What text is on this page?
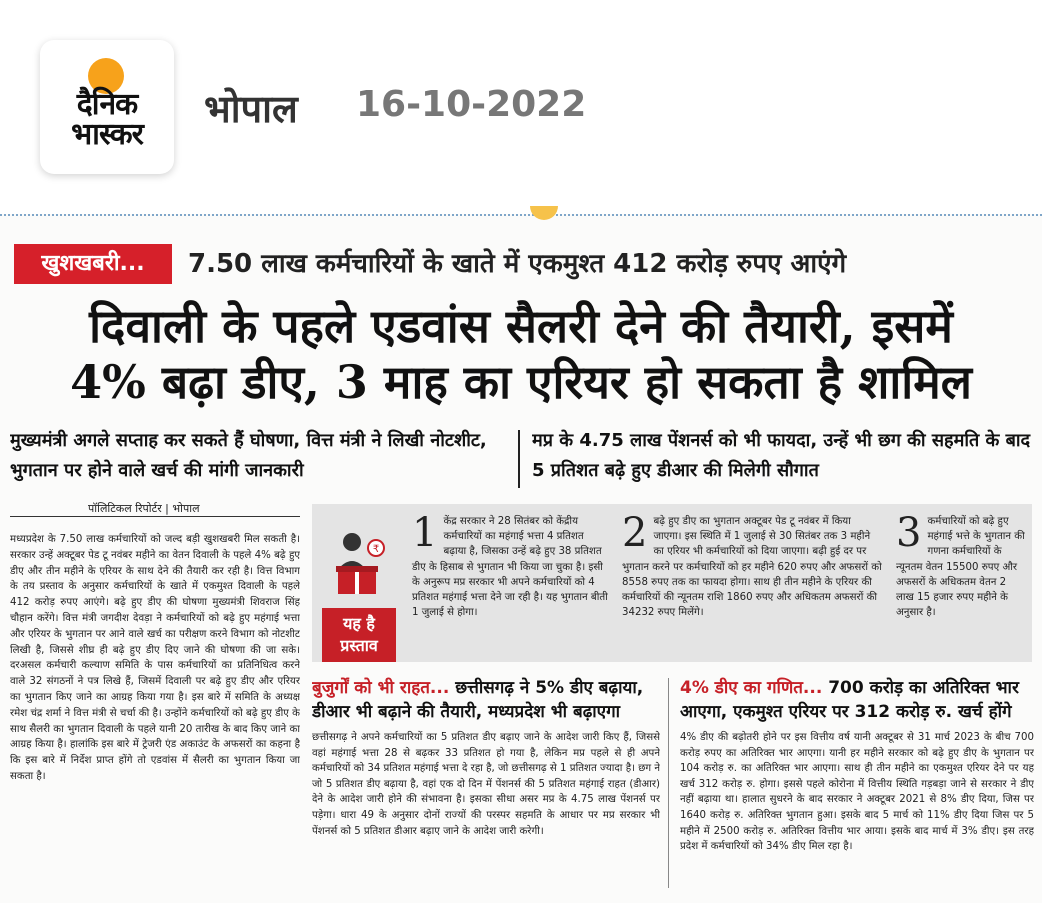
दैनिक
भास्कर
भोपाल 16-10-2022
खुशखबरी...	7.50 लाख कर्मचारियों के खाते में एकमुश्त 412 करोड़ रुपए आएंगे
दिवाली के पहले एडवांस सैलरी देने की तैयारी, इसमें
4% बढ़ा डीए, 3 माह का एरियर हो सकता है शामिल
मुख्यमंत्री अगले सप्ताह कर सकते हैं घोषणा, वित्त मंत्री ने लिखी नोटशीट, भुगतान पर होने वाले खर्च की मांगी जानकारी
मप्र के 4.75 लाख पेंशनर्स को भी फायदा, उन्हें भी छग की सहमति के बाद 5 प्रतिशत बढ़े हुए डीआर की मिलेगी सौगात
पॉलिटिकल रिपोर्टर | भोपाल
मध्यप्रदेश के 7.50 लाख कर्मचारियों को जल्द बड़ी खुशखबरी मिल सकती है। सरकार उन्हें अक्टूबर पेड टू नवंबर महीने का वेतन दिवाली के पहले 4% बढ़े हुए डीए और तीन महीने के एरियर के साथ देने की तैयारी कर रही है। वित्त विभाग के तय प्रस्ताव के अनुसार कर्मचारियों के खाते में एकमुश्त दिवाली के पहले 412 करोड़ रुपए आएंगे। बढ़े हुए डीए की घोषणा मुख्यमंत्री शिवराज सिंह चौहान करेंगे। वित्त मंत्री जगदीश देवड़ा ने कर्मचारियों को बढ़े हुए महंगाई भत्ता और एरियर के भुगतान पर आने वाले खर्च का परीक्षण करने विभाग को नोटशीट लिखी है, जिससे शीघ्र ही बढ़े हुए डीए दिए जाने की घोषणा की जा सके। दरअसल कर्मचारी कल्याण समिति के पास कर्मचारियों का प्रतिनिधित्व करने वाले 32 संगठनों ने पत्र लिखे हैं, जिसमें दिवाली पर बढ़े हुए डीए और एरियर का भुगतान किए जाने का आग्रह किया गया है। इस बारे में समिति के अध्यक्ष रमेश चंद्र शर्मा ने वित्त मंत्री से चर्चा की है। उन्होंने कर्मचारियों को बढ़े हुए डीए के साथ सैलरी का भुगतान दिवाली के पहले यानी 20 तारीख के बाद किए जाने का आग्रह किया है। हालांकि इस बारे में ट्रेजरी एंड अकाउंट के अफसरों का कहना है कि इस बारे में निर्देश प्राप्त होंगे तो एडवांस में सैलरी का भुगतान किया जा सकता है।
₹
यह है प्रस्ताव
1 केंद्र सरकार ने 28 सितंबर को केंद्रीय कर्मचारियों का महंगाई भत्ता 4 प्रतिशत बढ़ाया है, जिसका उन्हें बढ़े हुए 38 प्रतिशत डीए के हिसाब से भुगतान भी किया जा चुका है। इसी के अनुरूप मप्र सरकार भी अपने कर्मचारियों को 4 प्रतिशत महंगाई भत्ता देने जा रही है। यह भुगतान बीती 1 जुलाई से होगा।
2 बढ़े हुए डीए का भुगतान अक्टूबर पेड टू नवंबर में किया जाएगा। इस स्थिति में 1 जुलाई से 30 सितंबर तक 3 महीने का एरियर भी कर्मचारियों को दिया जाएगा। बढ़ी हुई दर पर भुगतान करने पर कर्मचारियों को हर महीने 620 रुपए और अफसरों को 8558 रुपए तक का फायदा होगा। साथ ही तीन महीने के एरियर की कर्मचारियों की न्यूनतम राशि 1860 रुपए और अधिकतम अफसरों की 34232 रुपए मिलेंगे।
3 कर्मचारियों को बढ़े हुए महंगाई भत्ते के भुगतान की गणना कर्मचारियों के न्यूनतम वेतन 15500 रुपए और अफसरों के अधिकतम वेतन 2 लाख 15 हजार रुपए महीने के अनुसार है।
बुजुर्गों को भी राहत... छत्तीसगढ़ ने 5% डीए बढ़ाया, डीआर भी बढ़ाने की तैयारी, मध्यप्रदेश भी बढ़ाएगा

छत्तीसगढ़ ने अपने कर्मचारियों का 5 प्रतिशत डीए बढ़ाए जाने के आदेश जारी किए हैं, जिससे वहां महंगाई भत्ता 28 से बढ़कर 33 प्रतिशत हो गया है, लेकिन मप्र पहले से ही अपने कर्मचारियों को 34 प्रतिशत महंगाई भत्ता दे रहा है, जो छत्तीसगढ़ से 1 प्रतिशत ज्यादा है। छग ने जो 5 प्रतिशत डीए बढ़ाया है, वहां एक दो दिन में पेंशनर्स की 5 प्रतिशत महंगाई राहत (डीआर) देने के आदेश जारी होने की संभावना है। इसका सीधा असर मप्र के 4.75 लाख पेंशनर्स पर पड़ेगा। धारा 49 के अनुसार दोनों राज्यों की परस्पर सहमति के आधार पर मप्र सरकार भी पेंशनर्स को 5 प्रतिशत डीआर बढ़ाए जाने के आदेश जारी करेगी।

4% डीए का गणित... 700 करोड़ का अतिरिक्त भार आएगा, एकमुश्त एरियर पर 312 करोड़ रु. खर्च होंगे

4% डीए की बढ़ोतरी होने पर इस वित्तीय वर्ष यानी अक्टूबर से 31 मार्च 2023 के बीच 700 करोड़ रुपए का अतिरिक्त भार आएगा। यानी हर महीने सरकार को बढ़े हुए डीए के भुगतान पर 104 करोड़ रु. का अतिरिक्त भार आएगा। साथ ही तीन महीने का एकमुश्त एरियर देने पर यह खर्च 312 करोड़ रु. होगा। इससे पहले कोरोना में वित्तीय स्थिति गड़बड़ा जाने से सरकार ने डीए नहीं बढ़ाया था। हालात सुधरने के बाद सरकार ने अक्टूबर 2021 से 8% डीए दिया, जिस पर 1640 करोड़ रु. अतिरिक्त भुगतान हुआ। इसके बाद 5 मार्च को 11% डीए दिया जिस पर 5 महीने में 2500 करोड़ रु. अतिरिक्त वित्तीय भार आया। इसके बाद मार्च में 3% डीए। इस तरह प्रदेश में कर्मचारियों को 34% डीए मिल रहा है।
